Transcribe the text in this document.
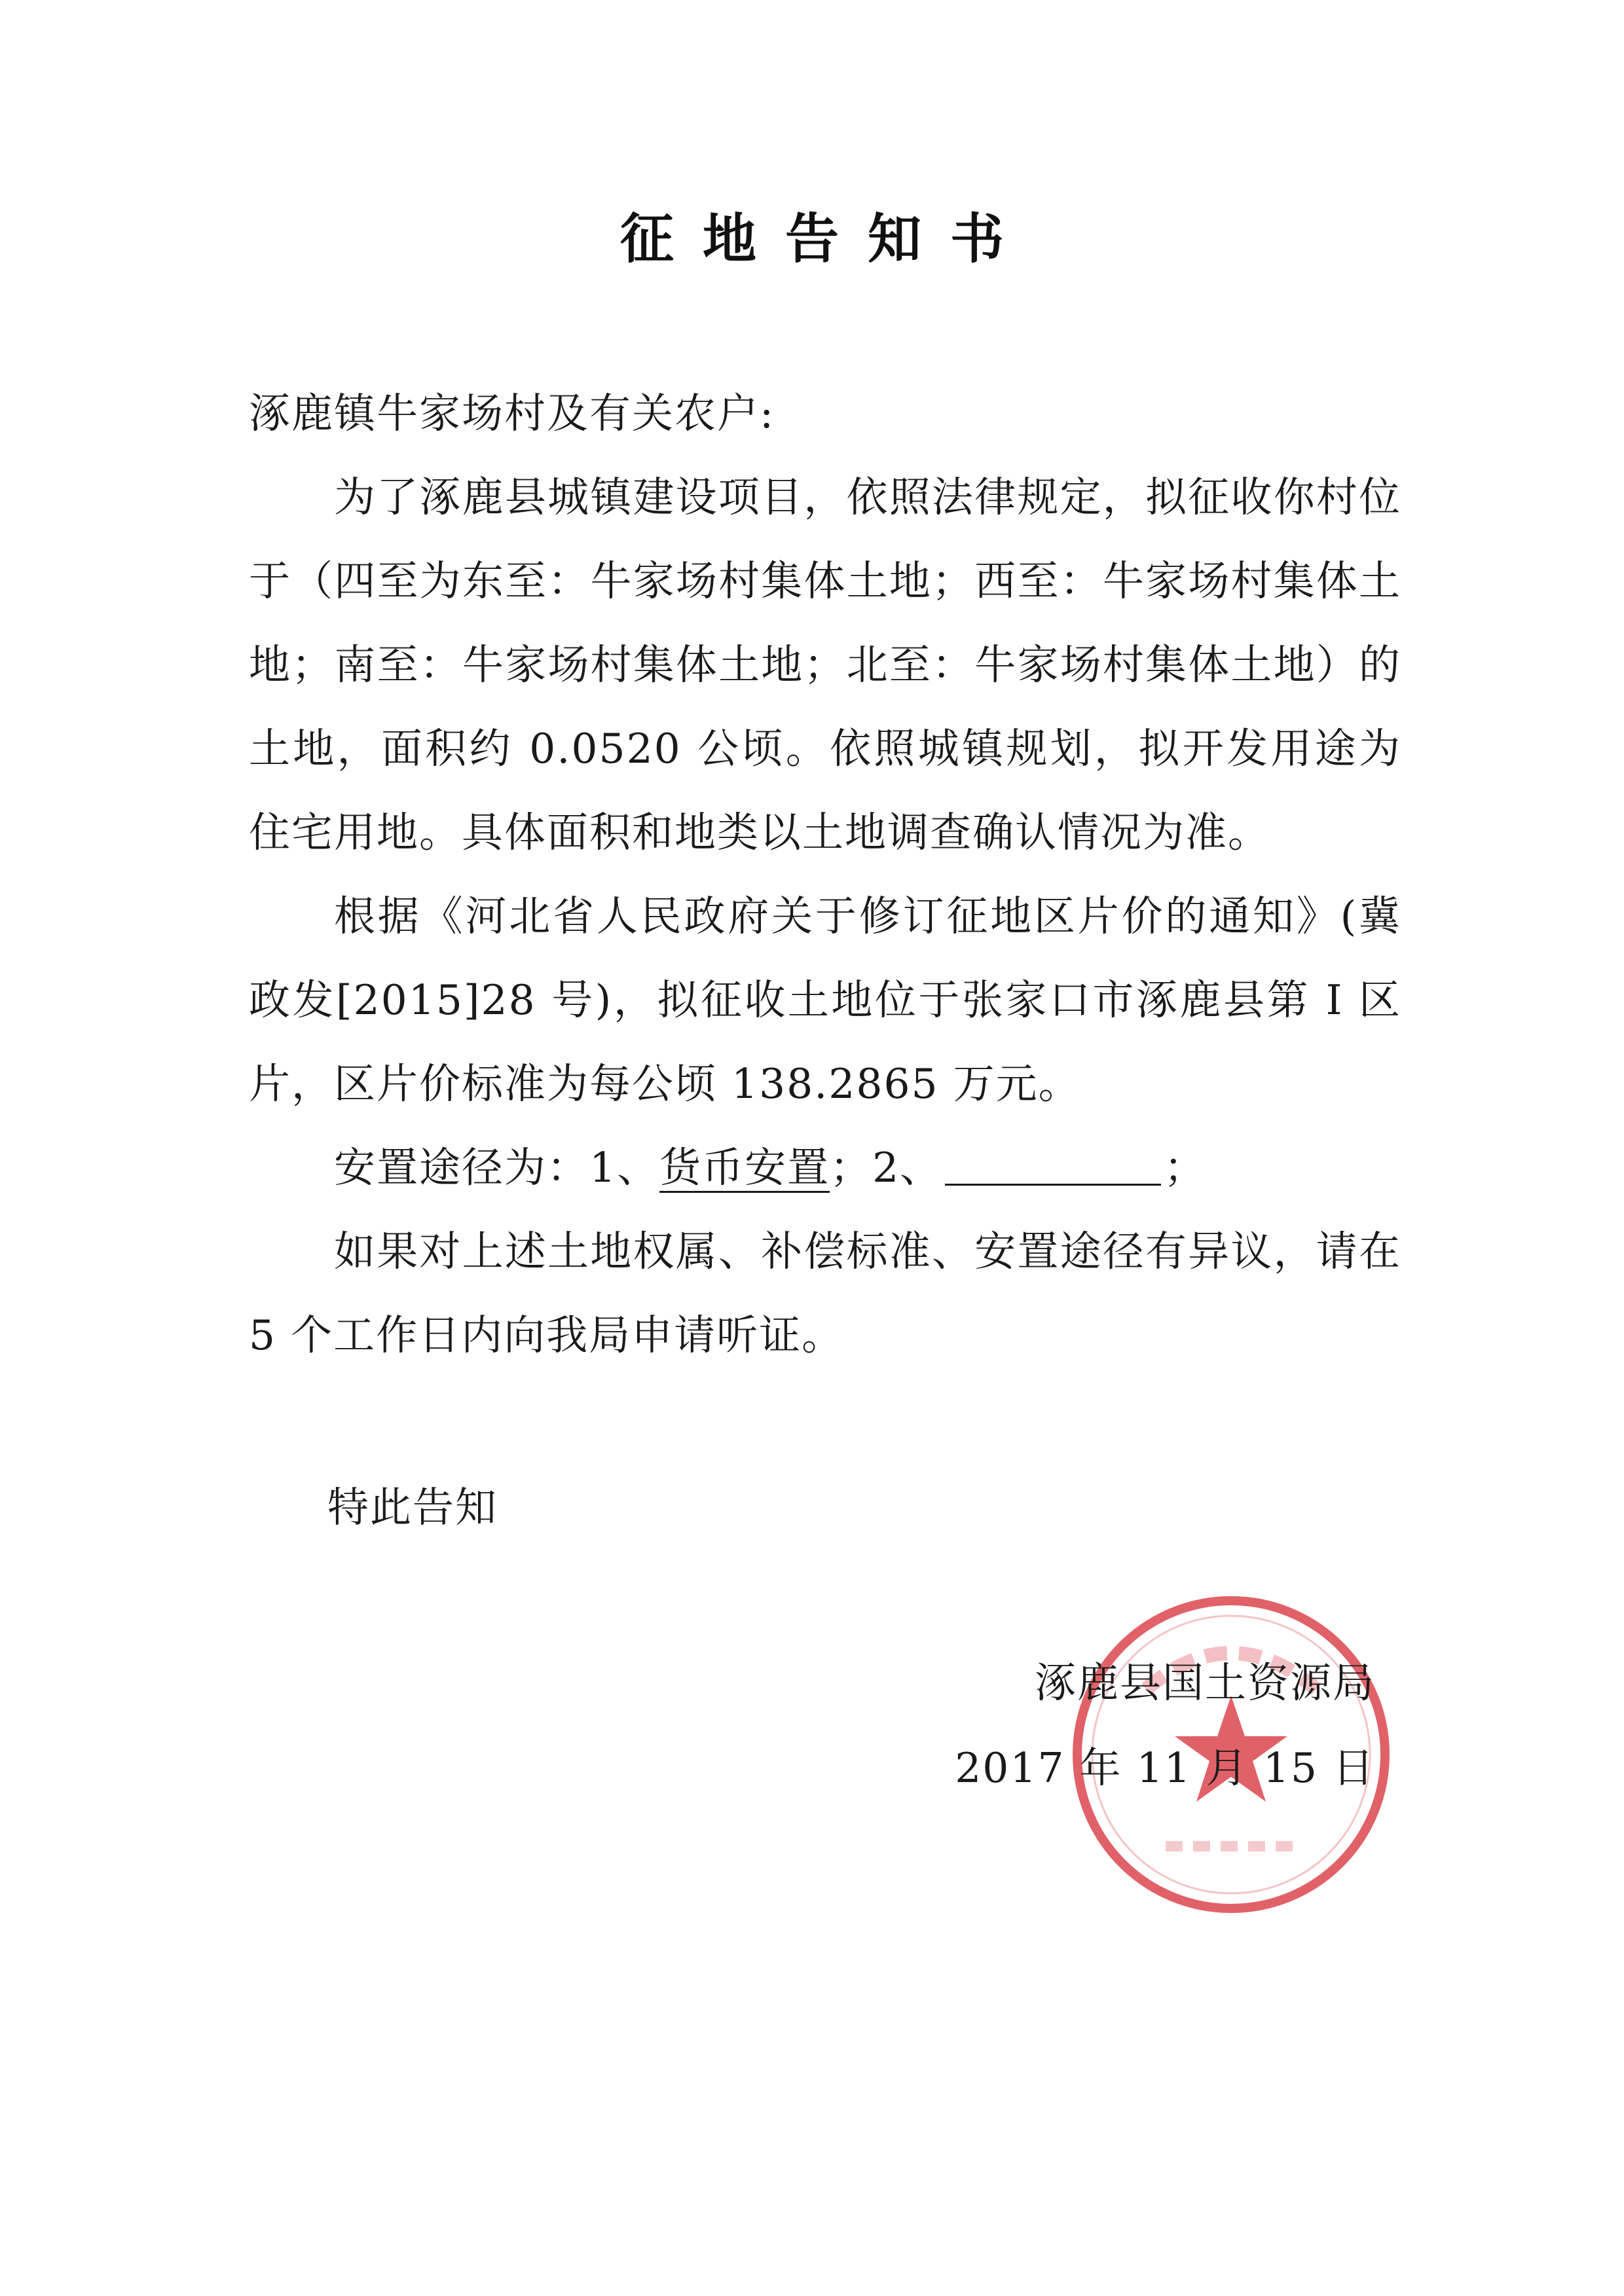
征地告知书
涿鹿镇牛家场村及有关农户:
为了涿鹿县城镇建设项目，依照法律规定，拟征收你村位于（四至为东至：牛家场村集体土地；西至：牛家场村集体土地；南至：牛家场村集体土地；北至：牛家场村集体土地）的土地，面积约 0.0520 公顷。依照城镇规划，拟开发用途为住宅用地。具体面积和地类以土地调查确认情况为准。
根据《河北省人民政府关于修订征地区片价的通知》(冀政发[2015]28 号)，拟征收土地位于张家口市涿鹿县第 I 区片，区片价标准为每公顷 138.2865 万元。
安置途径为：1、货币安置；2、	；
如果对上述土地权属、补偿标准、安置途径有异议，请在 5 个工作日内向我局申请听证。
特此告知
涿鹿县国土资源局
2017 年 11 月 15 日
